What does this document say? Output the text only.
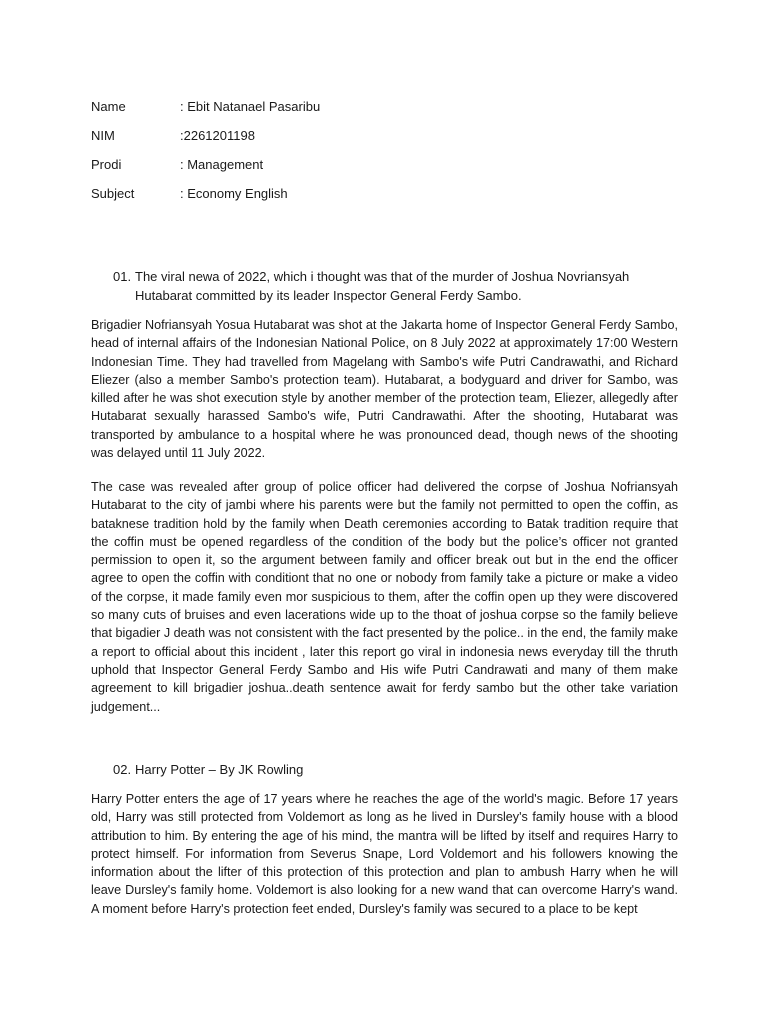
Name	: Ebit Natanael Pasaribu
NIM	:2261201198
Prodi	: Management
Subject	: Economy English
01. The viral newa of 2022, which i thought was that of the murder of Joshua Novriansyah Hutabarat committed by its leader Inspector General Ferdy Sambo.

Brigadier Nofriansyah Yosua Hutabarat was shot at the Jakarta home of Inspector General Ferdy Sambo, head of internal affairs of the Indonesian National Police, on 8 July 2022 at approximately 17:00 Western Indonesian Time. They had travelled from Magelang with Sambo's wife Putri Candrawathi, and Richard Eliezer (also a member Sambo's protection team). Hutabarat, a bodyguard and driver for Sambo, was killed after he was shot execution style by another member of the protection team, Eliezer, allegedly after Hutabarat sexually harassed Sambo's wife, Putri Candrawathi. After the shooting, Hutabarat was transported by ambulance to a hospital where he was pronounced dead, though news of the shooting was delayed until 11 July 2022.

The case was revealed after group of police officer had delivered the corpse of Joshua Nofriansyah Hutabarat to the city of jambi where his parents were but the family not permitted to open the coffin, as bataknese tradition hold by the family when Death ceremonies according to Batak tradition require that the coffin must be opened regardless of the condition of the body but the police’s officer not granted permission to open it, so the argument between family and officer break out but in the end the officer agree to open the coffin with conditiont that no one or nobody from family take a picture or make a video of the corpse, it made family even mor suspicious to them, after the coffin open up they were discovered so many cuts of bruises and even lacerations wide up to the thoat of joshua corpse so the family believe that bigadier J death was not consistent with the fact presented by the police.. in the end, the family make a report to official about this incident , later this report go viral in indonesia news everyday till the thruth uphold that Inspector General Ferdy Sambo and His wife Putri Candrawati and many of them make agreement to kill brigadier joshua..death sentence await for ferdy sambo but the other take variation judgement...

02. Harry Potter – By JK Rowling

Harry Potter enters the age of 17 years where he reaches the age of the world's magic. Before 17 years old, Harry was still protected from Voldemort as long as he lived in Dursley's family house with a blood attribution to him. By entering the age of his mind, the mantra will be lifted by itself and requires Harry to protect himself. For information from Severus Snape, Lord Voldemort and his followers knowing the information about the lifter of this protection of this protection and plan to ambush Harry when he will leave Dursley's family home. Voldemort is also looking for a new wand that can overcome Harry's wand. A moment before Harry's protection feet ended, Dursley's family was secured to a place to be kept
